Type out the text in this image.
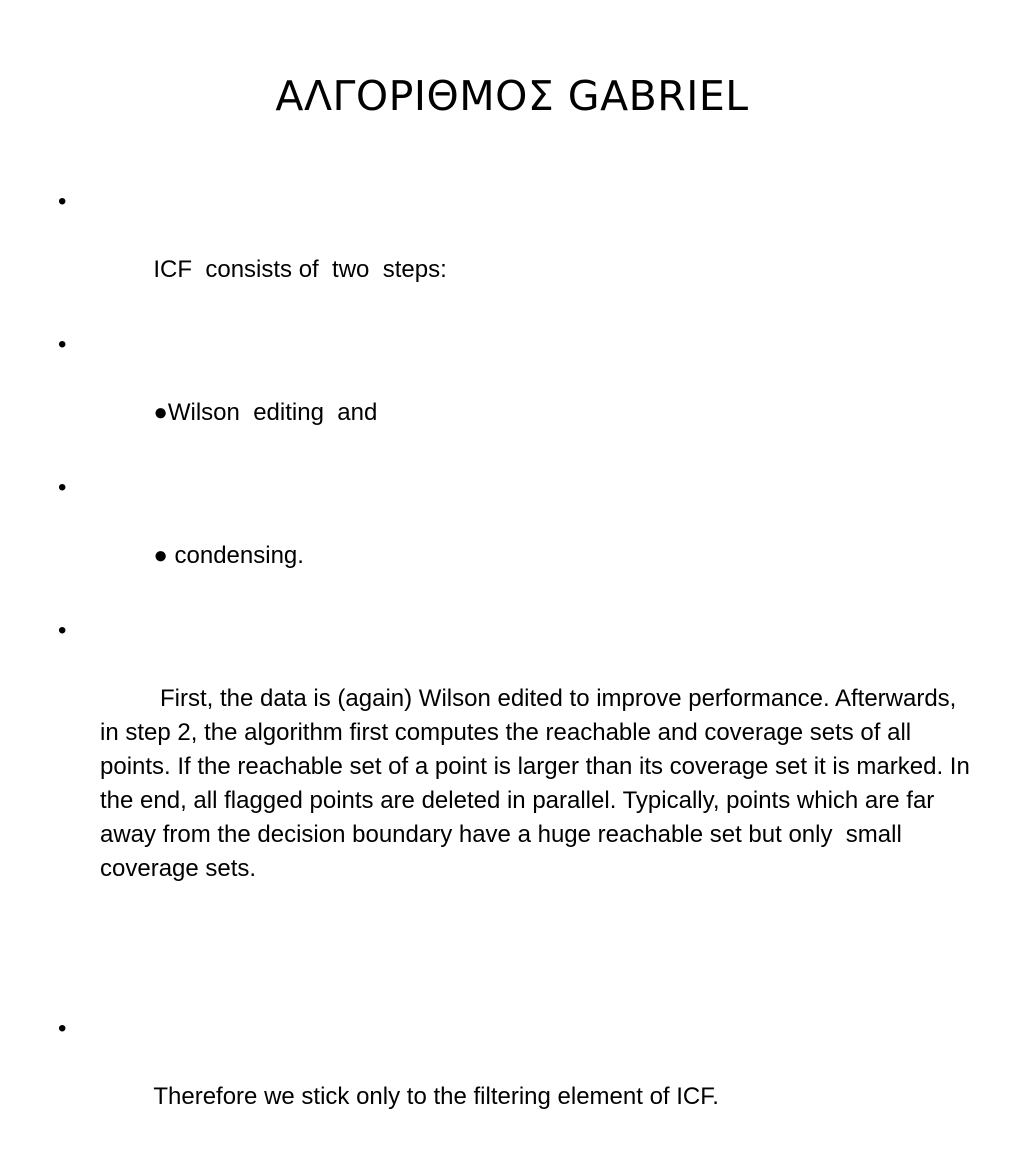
ΑΛΓΟΡΙΘΜΟΣ GABRIEL

•

ICF  consists of  two  steps:

•

●Wilson  editing  and

•

● condensing.

•

First, the data is (again) Wilson edited to improve performance. Afterwards, in step 2, the algorithm first computes the reachable and coverage sets of all points. If the reachable set of a point is larger than its coverage set it is marked. In the end, all flagged points are deleted in parallel. Typically, points which are far away from the decision boundary have a huge reachable set but only  small coverage sets.

•

Therefore we stick only to the filtering element of ICF.
